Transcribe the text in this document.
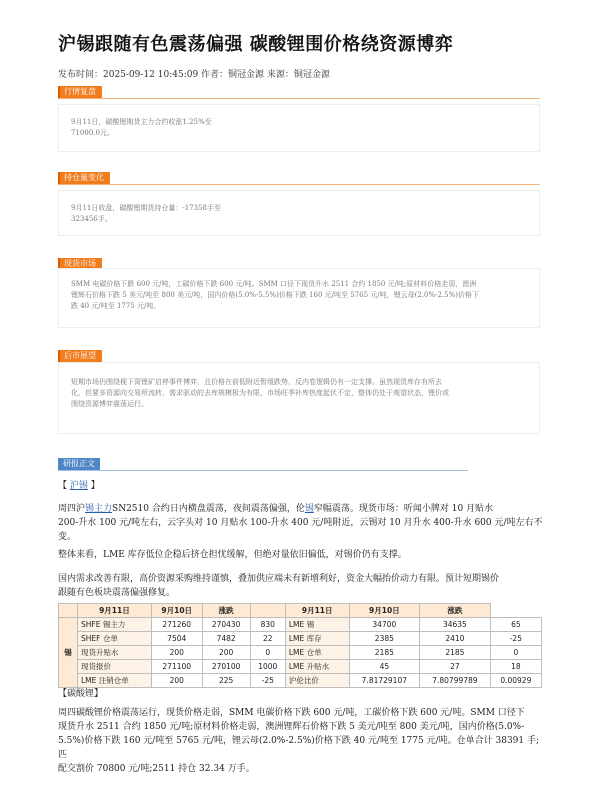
沪锡跟随有色震荡偏强 碳酸锂围价格绕资源博弈
发布时间：2025-09-12 10:45:09 作者：铜冠金源 来源：铜冠金源
行情复盘
9月11日，碳酸锂期货主力合约收涨1.25%至
71000.0元。
持仓量变化
9月11日收盘，碳酸锂期货持仓量：-17358手至
323456手。
现货市场
SMM 电碳价格下跌 600 元/吨，工碳价格下跌 600 元/吨。SMM 口径下现货升水 2511 合约 1850 元/吨;原材料价格走弱，澳洲
锂辉石价格下跌 5 美元/吨至 800 美元/吨，国内价格(5.0%-5.5%)价格下跌 160 元/吨至 5765 元/吨，锂云母(2.0%-2.5%)价格下
跌 40 元/吨至 1775 元/吨。
后市展望
短期市场仍围绕枧下窝锂矿启停事件博弈，且价格在前低附近暂缓跌势，反内卷逻辑仍有一定支撑。虽然现货库存有所去
化，但要多资源向交易所流转，需求驱动的去库规模极为有限，市场旺季补库热度起伏不定，整体仍处于观望状态，锂价或
围绕资源博弈震荡运行。
研报正文
【 沪锡 】
周四沪锡主力SN2510 合约日内横盘震荡，夜间震荡偏强，伦锡窄幅震荡。现货市场：听闻小牌对 10 月贴水
200-升水 100 元/吨左右，云字头对 10 月贴水 100-升水 400 元/吨附近，云锡对 10 月升水 400-升水 600 元/吨左右不
变。
整体来看，LME 库存低位企稳后挤仓担忧缓解，但绝对量依旧偏低，对锡价仍有支撑。
国内需求改善有限，高价资源采购维持谨慎，叠加供应端未有新增利好，资金大幅抬价动力有限。预计短期锡价
跟随有色板块震荡偏强修复。
	9月11日	9月10日	涨跌		9月11日	9月10日	涨跌	
锡	SHFE 锡主力	271260	270430	830	LME 锡	34700	34635	65
	SHEF 仓单	7504	7482	22	LME 库存	2385	2410	-25
	现货升贴水	200	200	0	LME 仓单	2185	2185	0
	现货报价	271100	270100	1000	LME 升贴水	45	27	18
	LME 注销仓单	200	225	-25	沪伦比价	7.81729107	7.80799789	0.00929
【碳酸锂】
周四碳酸锂价格震荡运行，现货价格走弱，SMM 电碳价格下跌 600 元/吨，工碳价格下跌 600 元/吨。SMM 口径下
现货升水 2511 合约 1850 元/吨;原材料价格走弱，澳洲锂辉石价格下跌 5 美元/吨至 800 美元/吨，国内价格(5.0%-
5.5%)价格下跌 160 元/吨至 5765 元/吨，锂云母(2.0%-2.5%)价格下跌 40 元/吨至 1775 元/吨。仓单合计 38391 手;匹
配交割价 70800 元/吨;2511 持仓 32.34 万手。
